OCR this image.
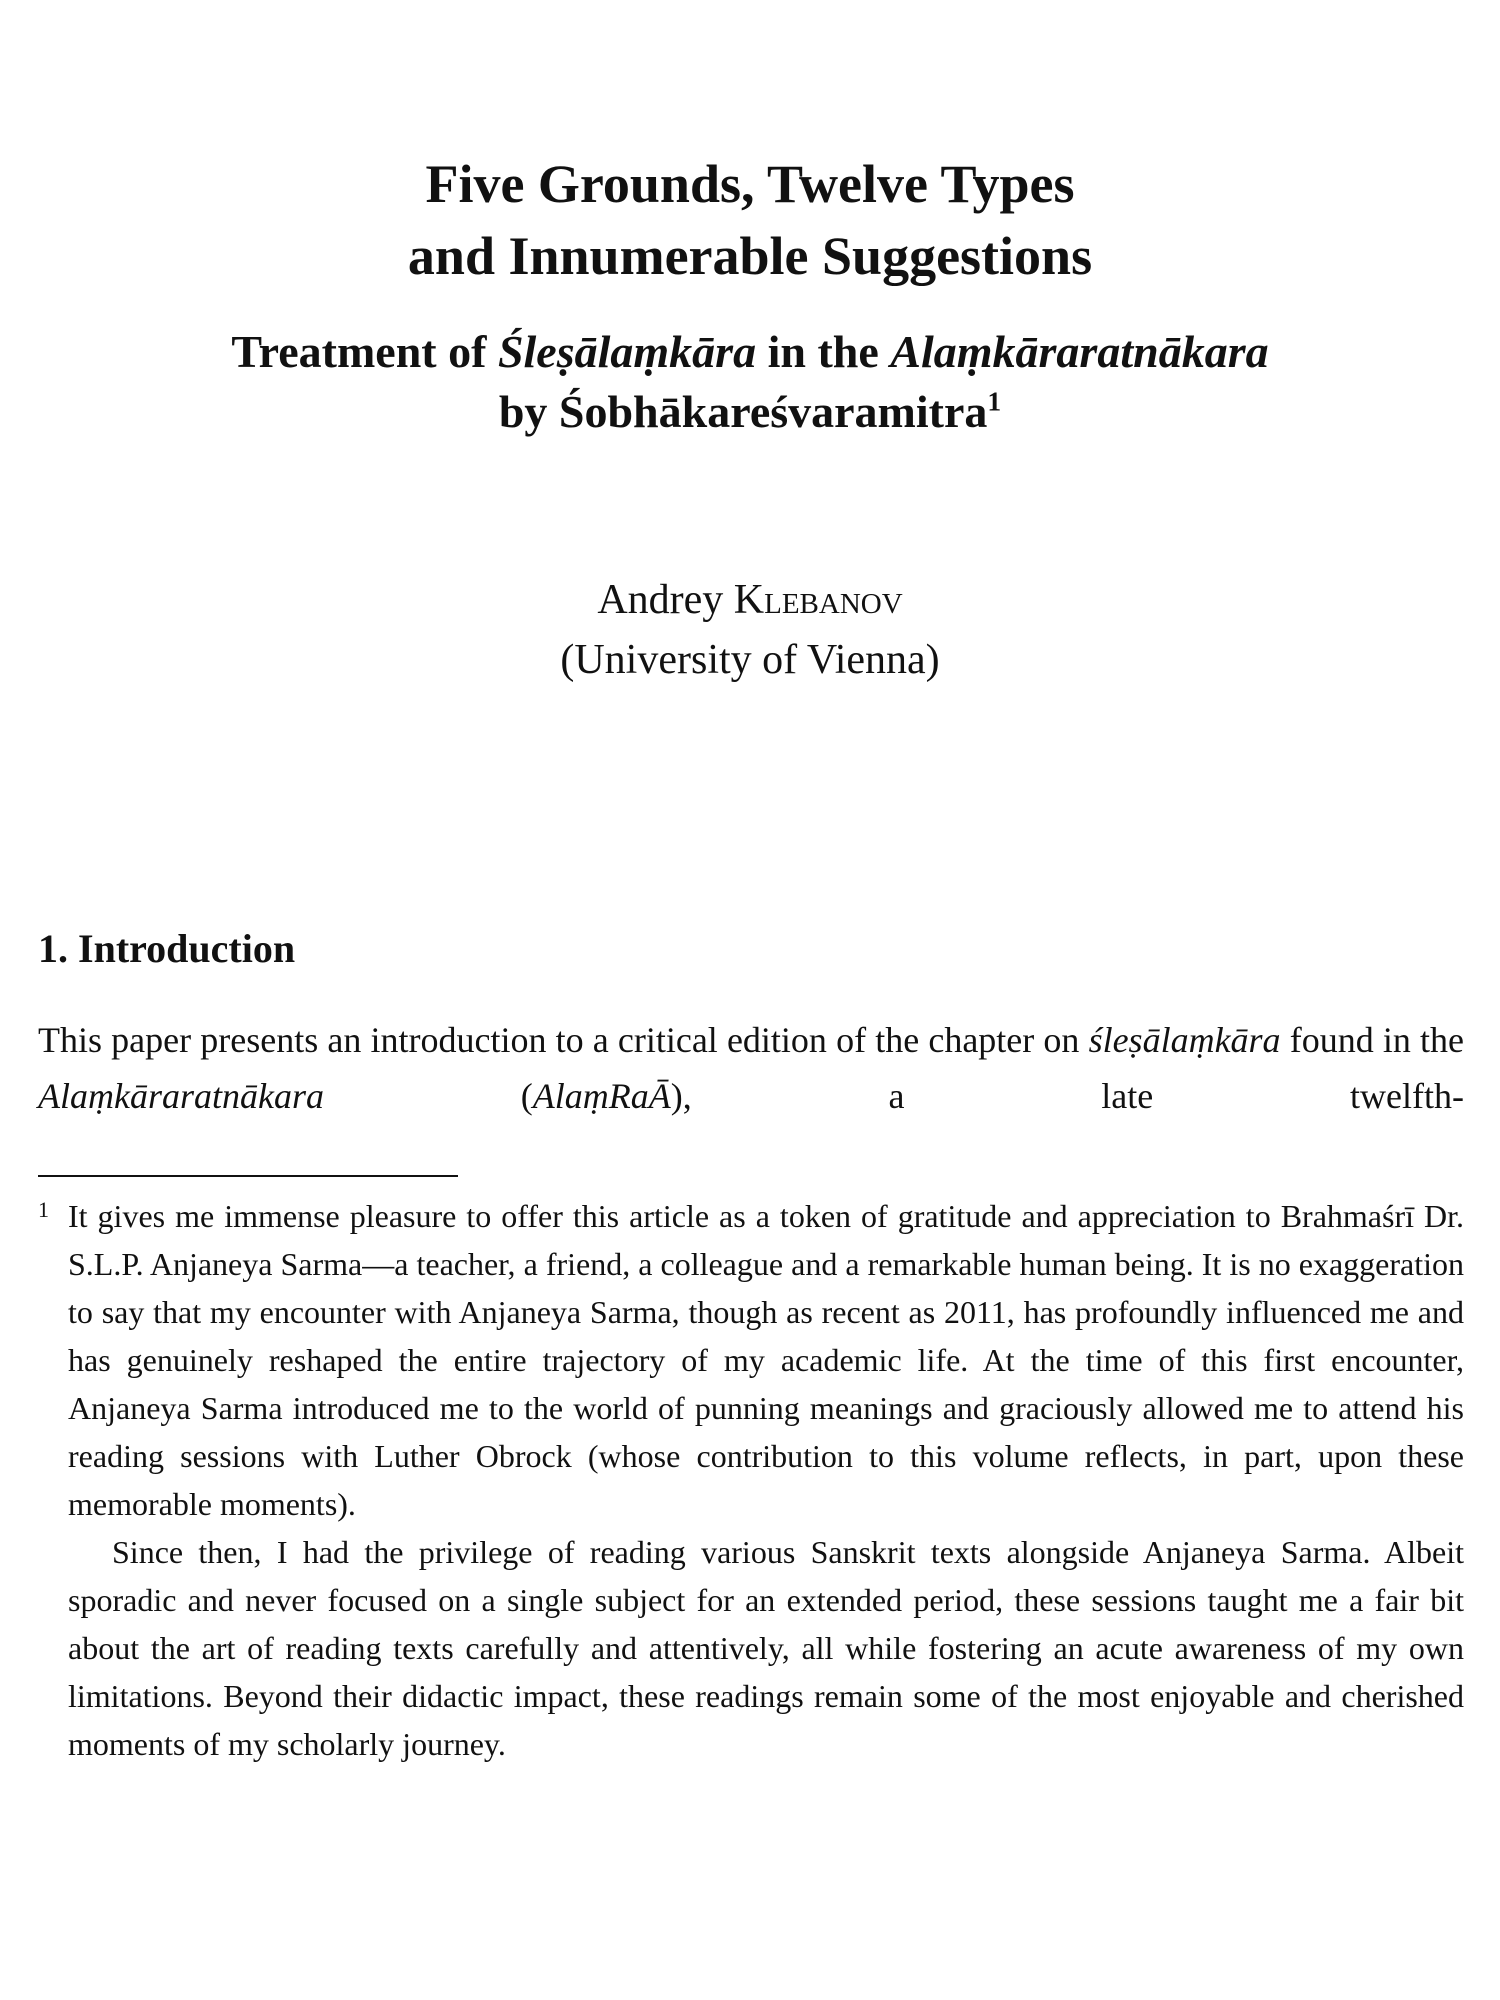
Five Grounds, Twelve Types
and Innumerable Suggestions
Treatment of Śleṣālaṃkāra in the Alaṃkāraratnākara
by Śobhākareśvaramitra$^1$
Andrey Klebanov
(University of Vienna)
1. Introduction

This paper presents an introduction to a critical edition of the chapter on śleṣālaṃkāra found in the Alaṃkāraratnākara (AlaṃRaĀ), a late twelfth-

1 It gives me immense pleasure to offer this article as a token of gratitude and appreciation to Brahmaśrī Dr. S.L.P. Anjaneya Sarma—a teacher, a friend, a colleague and a remarkable human being. It is no exaggeration to say that my encounter with Anjaneya Sarma, though as recent as 2011, has profoundly influenced me and has genuinely reshaped the entire trajectory of my academic life. At the time of this first encounter, Anjaneya Sarma introduced me to the world of punning meanings and graciously allowed me to attend his reading sessions with Luther Obrock (whose contribution to this volume reflects, in part, upon these memorable moments).

Since then, I had the privilege of reading various Sanskrit texts alongside Anjaneya Sarma. Albeit sporadic and never focused on a single subject for an extended period, these sessions taught me a fair bit about the art of reading texts carefully and attentively, all while fostering an acute awareness of my own limitations. Beyond their didactic impact, these readings remain some of the most enjoyable and cherished moments of my scholarly journey.
